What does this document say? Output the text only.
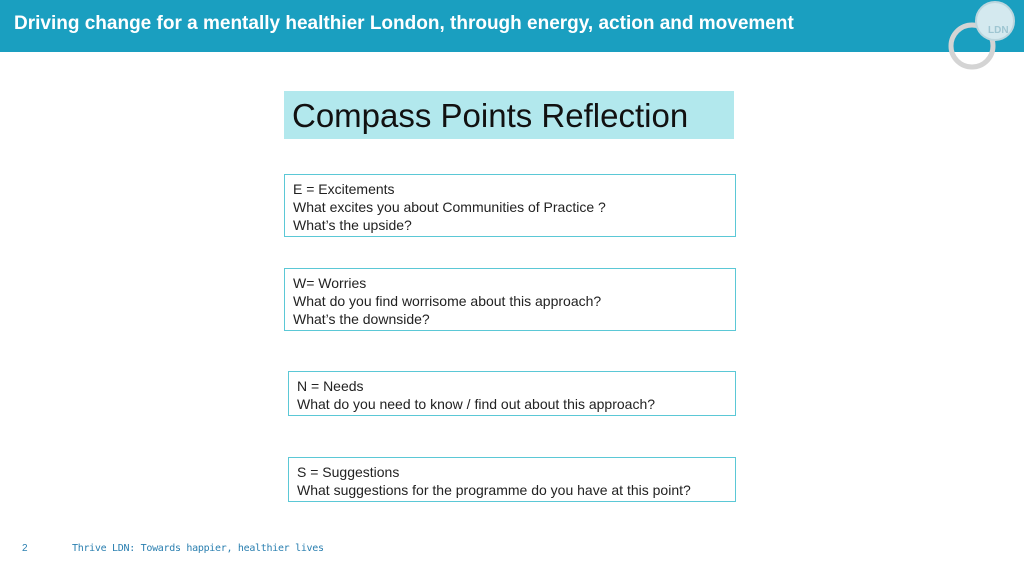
Driving change for a mentally healthier London, through energy, action and movement	LDN
Compass Points Reflection
E = Excitements
What excites you about Communities of Practice ?
What’s the upside?
W= Worries
What do you find worrisome about this approach?
What’s the downside?
N = Needs
What do you need to know / find out about this approach?
S = Suggestions
What suggestions for the programme do you have at this point?
2	Thrive LDN: Towards happier, healthier lives
